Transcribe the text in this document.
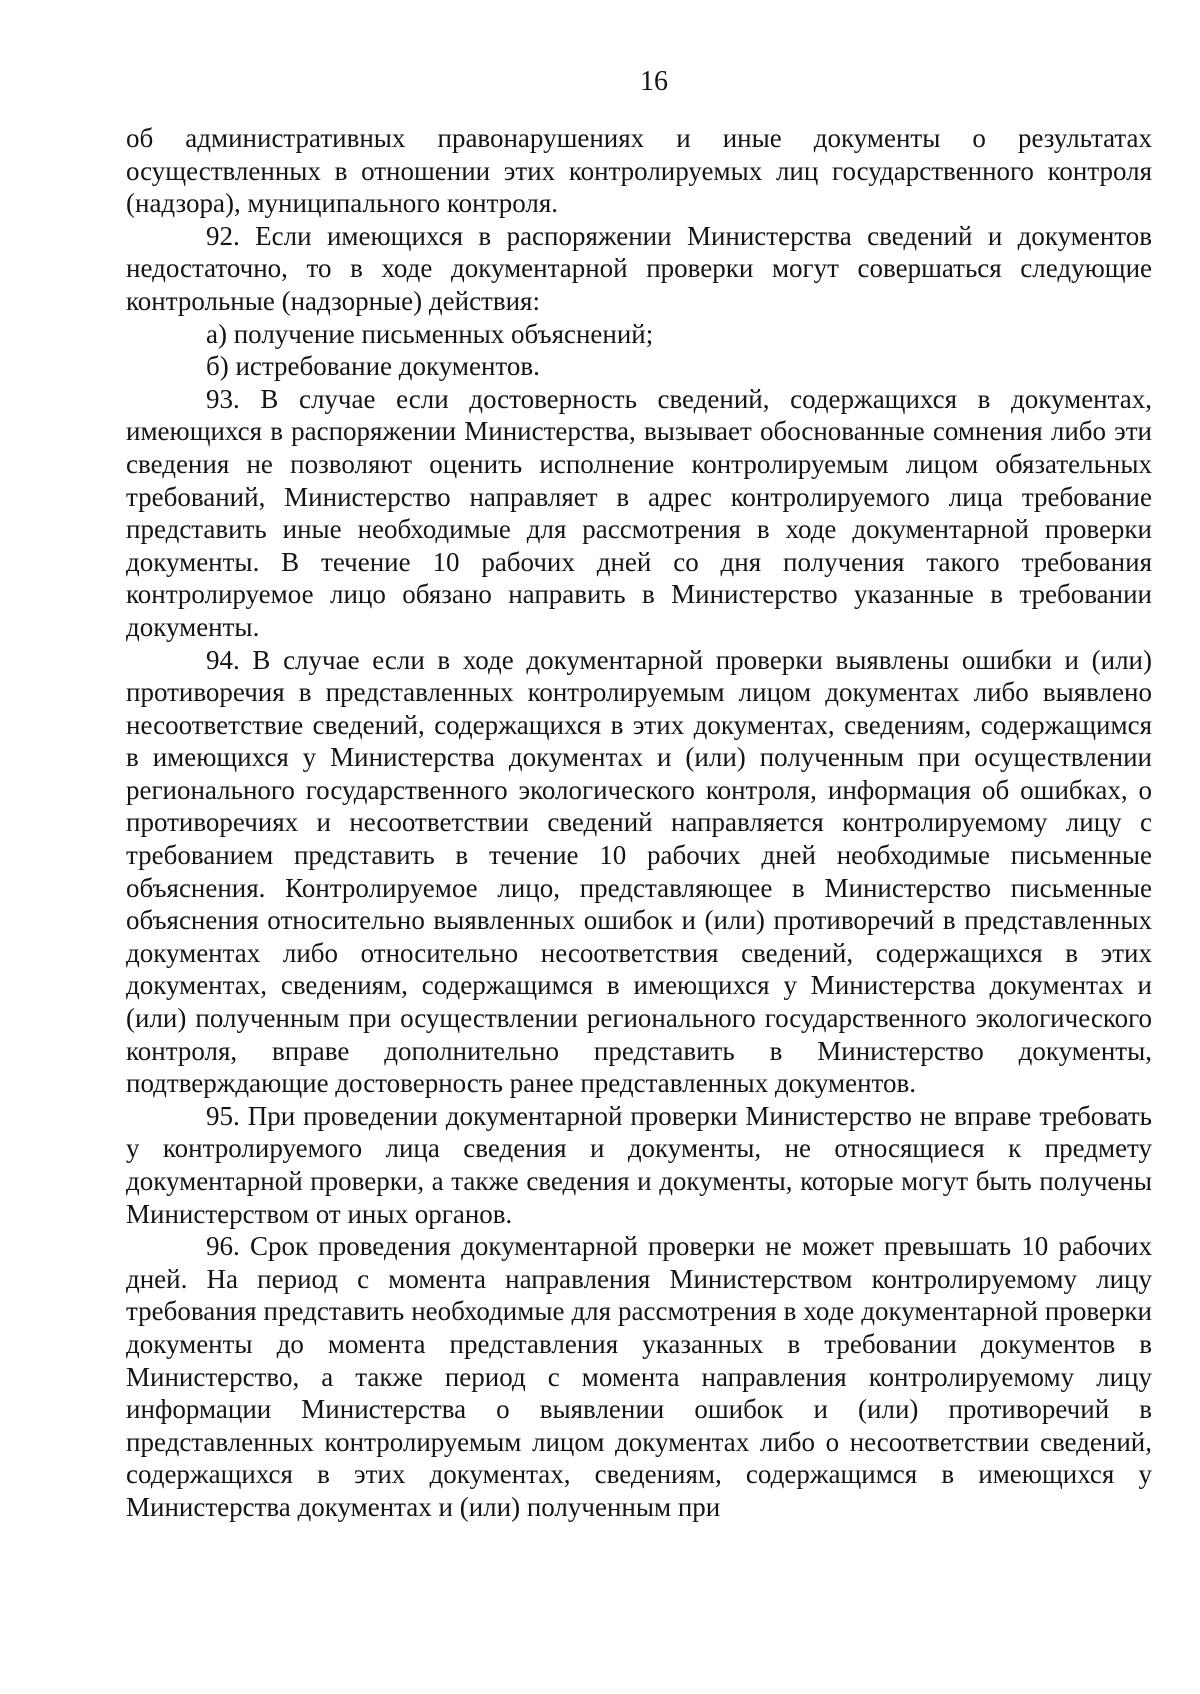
16

об административных правонарушениях и иные документы о результатах осуществленных в отношении этих контролируемых лиц государственного контроля (надзора), муниципального контроля.

92. Если имеющихся в распоряжении Министерства сведений и документов недостаточно, то в ходе документарной проверки могут совершаться следующие контрольные (надзорные) действия:

а) получение письменных объяснений;

б) истребование документов.

93. В случае если достоверность сведений, содержащихся в документах, имеющихся в распоряжении Министерства, вызывает обоснованные сомнения либо эти сведения не позволяют оценить исполнение контролируемым лицом обязательных требований, Министерство направляет в адрес контролируемого лица требование представить иные необходимые для рассмотрения в ходе документарной проверки документы. В течение 10 рабочих дней со дня получения такого требования контролируемое лицо обязано направить в Министерство указанные в требовании документы.

94. В случае если в ходе документарной проверки выявлены ошибки и (или) противоречия в представленных контролируемым лицом документах либо выявлено несоответствие сведений, содержащихся в этих документах, сведениям, содержащимся в имеющихся у Министерства документах и (или) полученным при осуществлении регионального государственного экологического контроля, информация об ошибках, о противоречиях и несоответствии сведений направляется контролируемому лицу с требованием представить в течение 10 рабочих дней необходимые письменные объяснения. Контролируемое лицо, представляющее в Министерство письменные объяснения относительно выявленных ошибок и (или) противоречий в представленных документах либо относительно несоответствия сведений, содержащихся в этих документах, сведениям, содержащимся в имеющихся у Министерства документах и (или) полученным при осуществлении регионального государственного экологического контроля, вправе дополнительно представить в Министерство документы, подтверждающие достоверность ранее представленных документов.

95. При проведении документарной проверки Министерство не вправе требовать у контролируемого лица сведения и документы, не относящиеся к предмету документарной проверки, а также сведения и документы, которые могут быть получены Министерством от иных органов.

96. Срок проведения документарной проверки не может превышать 10 рабочих дней. На период с момента направления Министерством контролируемому лицу требования представить необходимые для рассмотрения в ходе документарной проверки документы до момента представления указанных в требовании документов в Министерство, а также период с момента направления контролируемому лицу информации Министерства о выявлении ошибок и (или) противоречий в представленных контролируемым лицом документах либо о несоответствии сведений, содержащихся в этих документах, сведениям, содержащимся в имеющихся у Министерства документах и (или) полученным при
